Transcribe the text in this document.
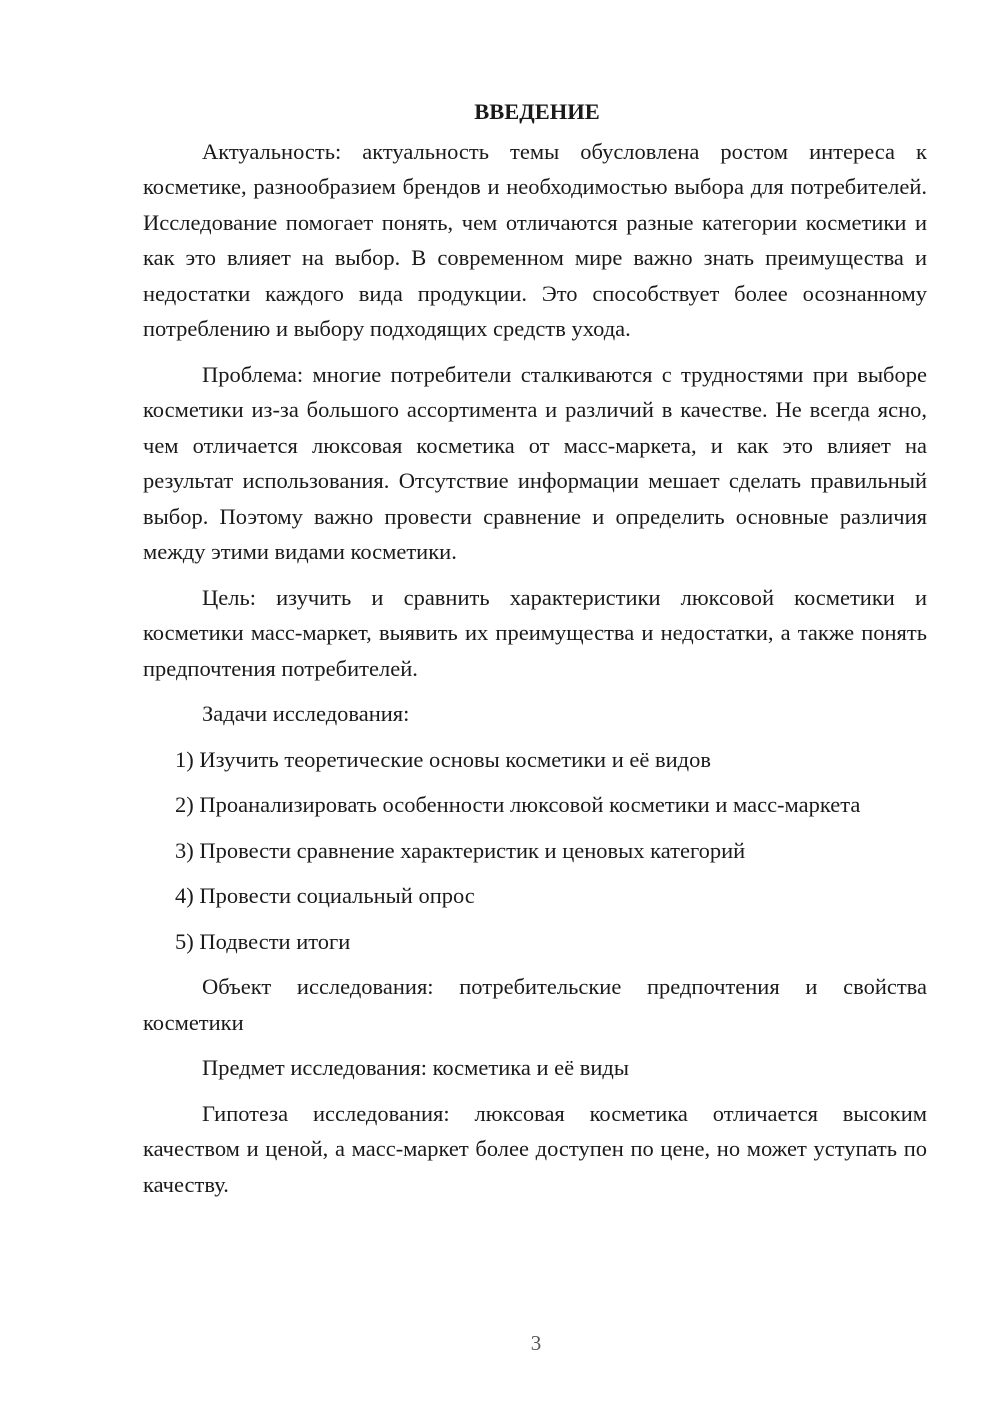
ВВЕДЕНИЕ

Актуальность: актуальность темы обусловлена ростом интереса к косметике, разнообразием брендов и необходимостью выбора для потребителей. Исследование помогает понять, чем отличаются разные категории косметики и как это влияет на выбор. В современном мире важно знать преимущества и недостатки каждого вида продукции. Это способствует более осознанному потреблению и выбору подходящих средств ухода.

Проблема: многие потребители сталкиваются с трудностями при выборе косметики из-за большого ассортимента и различий в качестве. Не всегда ясно, чем отличается люксовая косметика от масс-маркета, и как это влияет на результат использования. Отсутствие информации мешает сделать правильный выбор. Поэтому важно провести сравнение и определить основные различия между этими видами косметики.

Цель: изучить и сравнить характеристики люксовой косметики и косметики масс-маркет, выявить их преимущества и недостатки, а также понять предпочтения потребителей.

Задачи исследования:

1) Изучить теоретические основы косметики и её видов

2) Проанализировать особенности люксовой косметики и масс-маркета

3) Провести сравнение характеристик и ценовых категорий

4) Провести социальный опрос

5) Подвести итоги

Объект исследования: потребительские предпочтения и свойства косметики

Предмет исследования: косметика и её виды

Гипотеза исследования: люксовая косметика отличается высоким качеством и ценой, а масс-маркет более доступен по цене, но может уступать по качеству.

3
